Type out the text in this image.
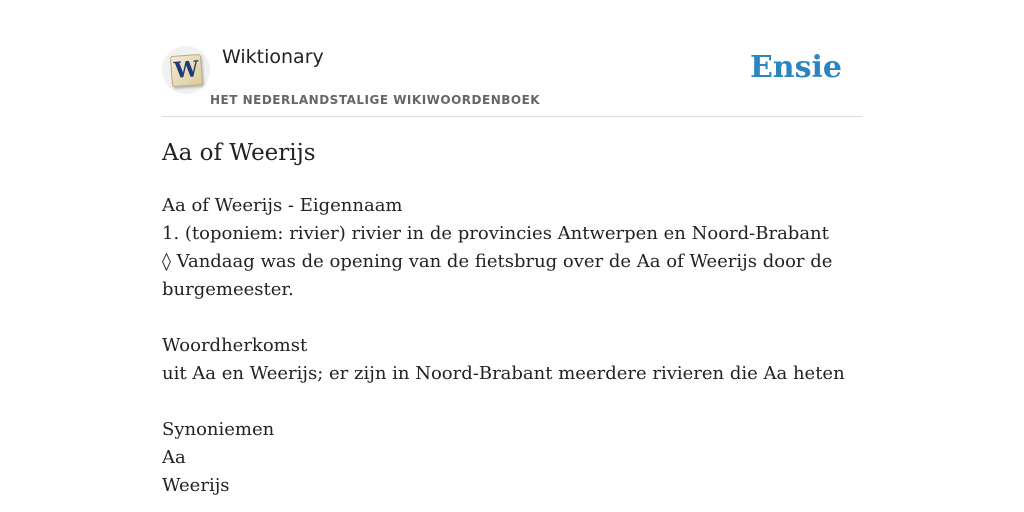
W Wiktionary
HET NEDERLANDSTALIGE WIKIWOORDENBOEK
Ensie
Aa of Weerijs
Aa of Weerijs - Eigennaam
1. (toponiem: rivier) rivier in de provincies Antwerpen en Noord-Brabant
◊ Vandaag was de opening van de fietsbrug over de Aa of Weerijs door de burgemeester.
Woordherkomst
uit Aa en Weerijs; er zijn in Noord-Brabant meerdere rivieren die Aa heten
Synoniemen
Aa
Weerijs
